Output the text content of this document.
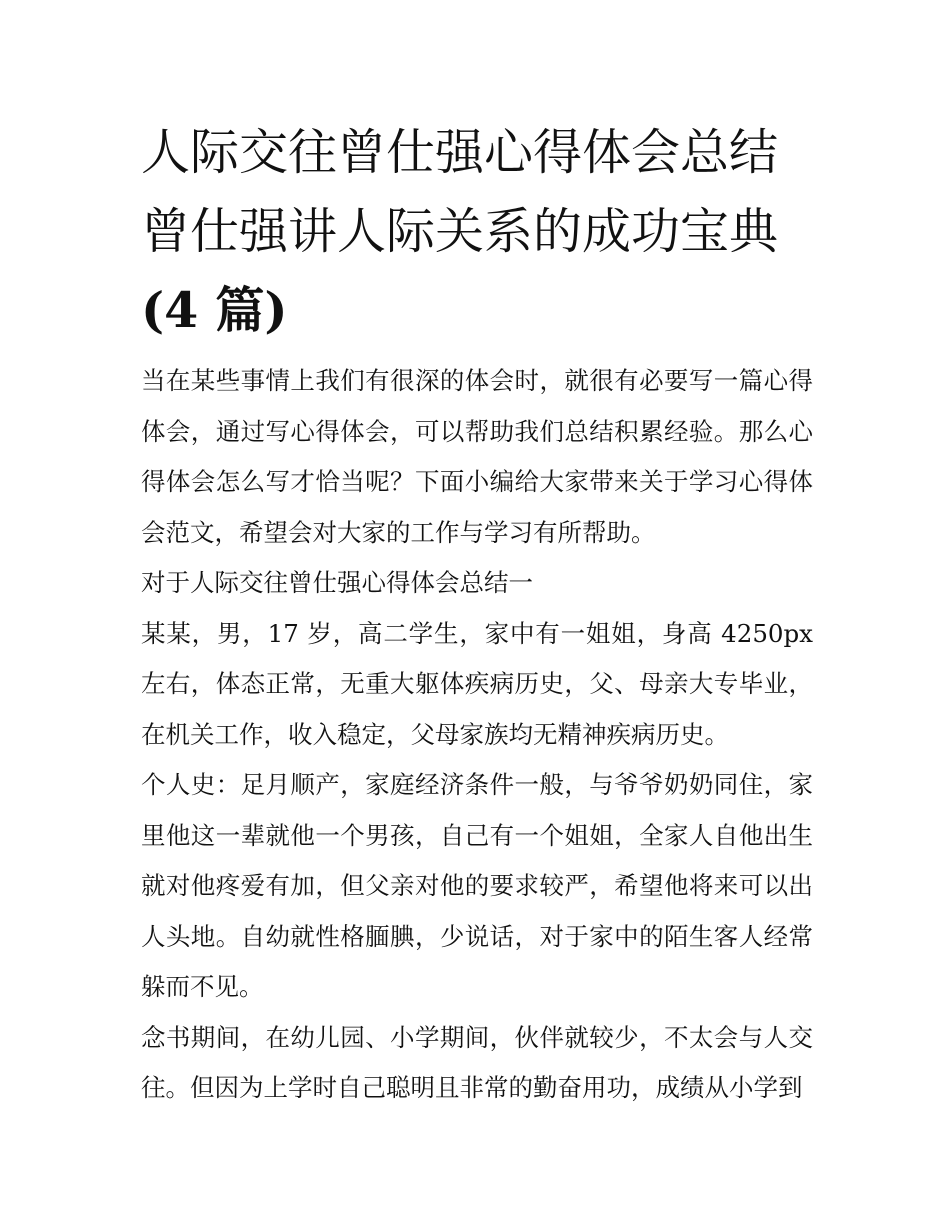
人际交往曾仕强心得体会总结
曾仕强讲人际关系的成功宝典
(4 篇)

当在某些事情上我们有很深的体会时，就很有必要写一篇心得体会，通过写心得体会，可以帮助我们总结积累经验。那么心得体会怎么写才恰当呢？下面小编给大家带来关于学习心得体会范文，希望会对大家的工作与学习有所帮助。

对于人际交往曾仕强心得体会总结一

某某，男，17 岁，高二学生，家中有一姐姐，身高 4250px 左右，体态正常，无重大躯体疾病历史，父、母亲大专毕业，在机关工作，收入稳定，父母家族均无精神疾病历史。

个人史：足月顺产，家庭经济条件一般，与爷爷奶奶同住，家里他这一辈就他一个男孩，自己有一个姐姐，全家人自他出生就对他疼爱有加，但父亲对他的要求较严，希望他将来可以出人头地。自幼就性格腼腆，少说话，对于家中的陌生客人经常躲而不见。

念书期间，在幼儿园、小学期间，伙伴就较少，不太会与人交往。但因为上学时自己聪明且非常的勤奋用功，成绩从小学到
